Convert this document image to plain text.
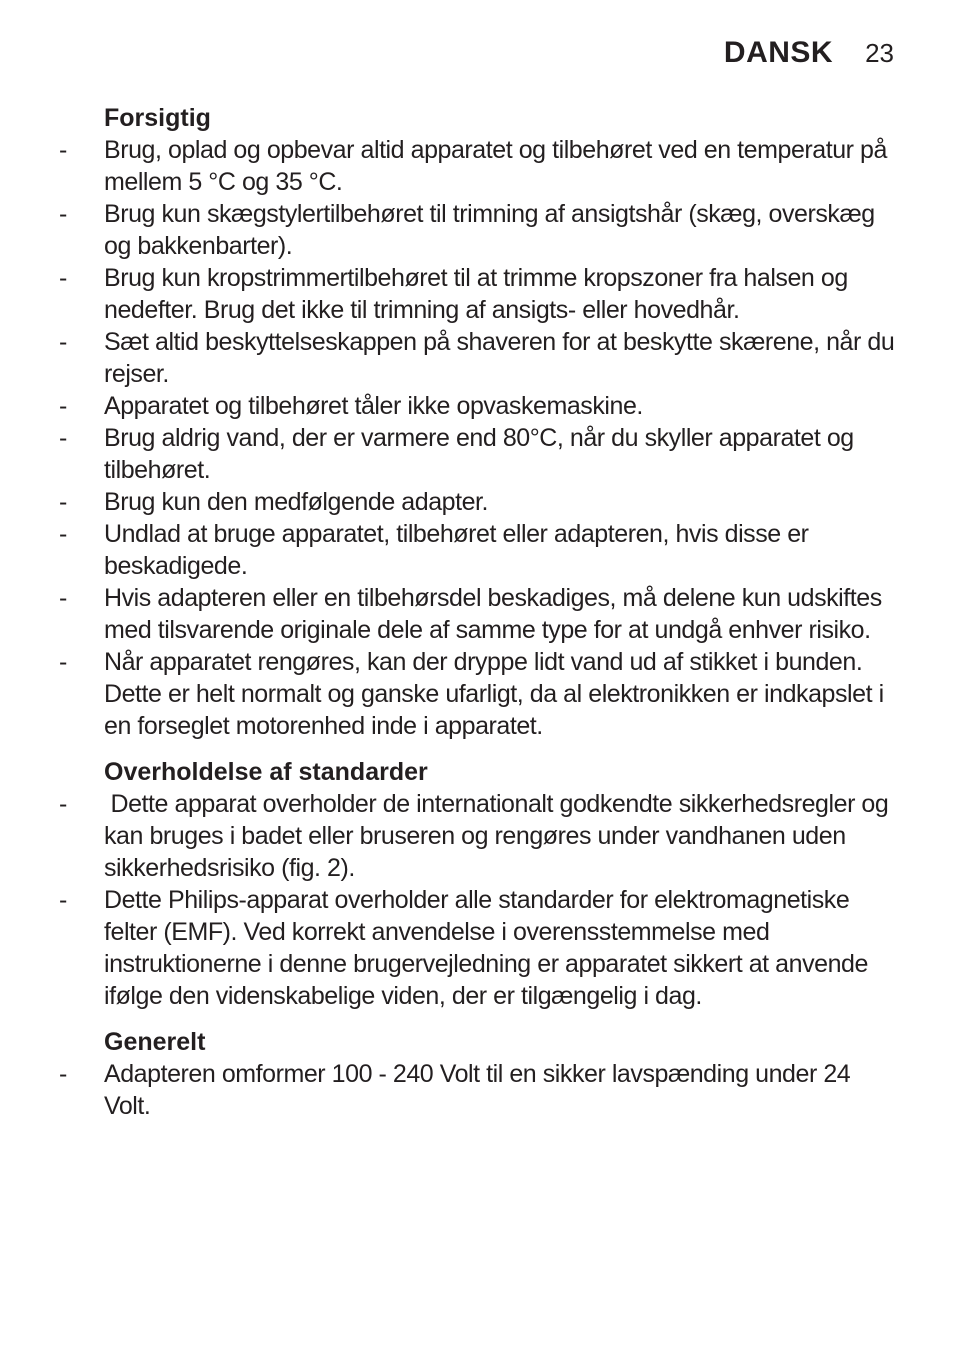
DANSK 23
Forsigtig
-	Brug, oplad og opbevar altid apparatet og tilbehøret ved en temperatur på mellem 5 °C og 35 °C.
-	Brug kun skægstylertilbehøret til trimning af ansigtshår (skæg, overskæg og bakkenbarter).
-	Brug kun kropstrimmertilbehøret til at trimme kropszoner fra halsen og nedefter. Brug det ikke til trimning af ansigts- eller hovedhår.
-	Sæt altid beskyttelseskappen på shaveren for at beskytte skærene, når du rejser.
-	Apparatet og tilbehøret tåler ikke opvaskemaskine.
-	Brug aldrig vand, der er varmere end 80°C, når du skyller apparatet og tilbehøret.
-	Brug kun den medfølgende adapter.
-	Undlad at bruge apparatet, tilbehøret eller adapteren, hvis disse er beskadigede.
-	Hvis adapteren eller en tilbehørsdel beskadiges, må delene kun udskiftes med tilsvarende originale dele af samme type for at undgå enhver risiko.
-	Når apparatet rengøres, kan der dryppe lidt vand ud af stikket i bunden. Dette er helt normalt og ganske ufarligt, da al elektronikken er indkapslet i en forseglet motorenhed inde i apparatet.
Overholdelse af standarder
-	Dette apparat overholder de internationalt godkendte sikkerhedsregler og kan bruges i badet eller bruseren og rengøres under vandhanen uden sikkerhedsrisiko (fig. 2).
-	Dette Philips-apparat overholder alle standarder for elektromagnetiske felter (EMF). Ved korrekt anvendelse i overensstemmelse med instruktionerne i denne brugervejledning er apparatet sikkert at anvende ifølge den videnskabelige viden, der er tilgængelig i dag.
Generelt
-	Adapteren omformer 100 - 240 Volt til en sikker lavspænding under 24 Volt.
